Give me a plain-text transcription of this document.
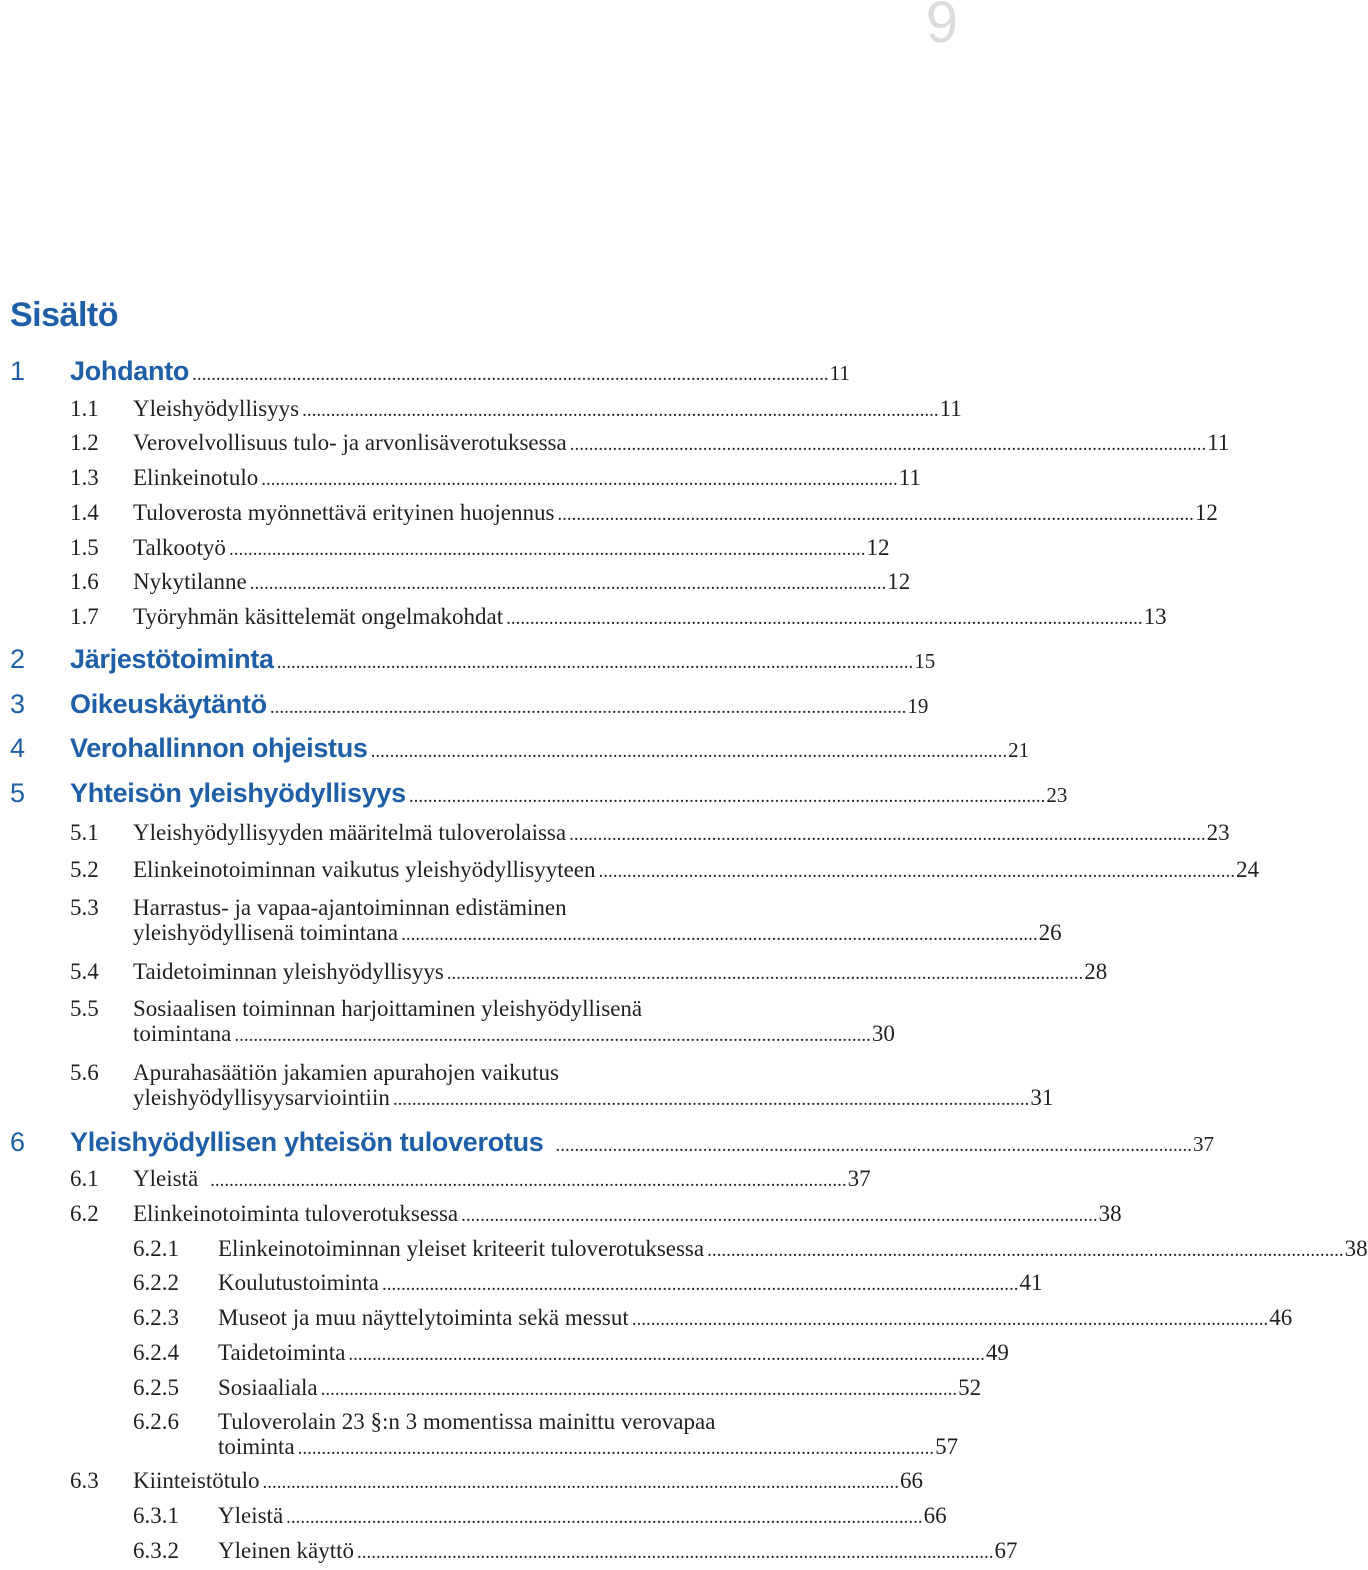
9
Sisältö
1 Johdanto ...................................................................................................................................... 11
1.1 Yleishyödyllisyys ...................................................................................................................................... 11
1.2 Verovelvollisuus tulo- ja arvonlisäverotuksessa ...................................................................................................................................... 11
1.3 Elinkeinotulo ...................................................................................................................................... 11
1.4 Tuloverosta myönnettävä erityinen huojennus ...................................................................................................................................... 12
1.5 Talkootyö ...................................................................................................................................... 12
1.6 Nykytilanne ...................................................................................................................................... 12
1.7 Työryhmän käsittelemät ongelmakohdat ...................................................................................................................................... 13
2 Järjestötoiminta ...................................................................................................................................... 15
3 Oikeuskäytäntö ...................................................................................................................................... 19
4 Verohallinnon ohjeistus ...................................................................................................................................... 21
5 Yhteisön yleishyödyllisyys ...................................................................................................................................... 23
5.1 Yleishyödyllisyyden määritelmä tuloverolaissa ...................................................................................................................................... 23
5.2 Elinkeinotoiminnan vaikutus yleishyödyllisyyteen ...................................................................................................................................... 24
5.3 Harrastus- ja vapaa-ajantoiminnan edistäminen
yleishyödyllisenä toimintana ...................................................................................................................................... 26
5.4 Taidetoiminnan yleishyödyllisyys ...................................................................................................................................... 28
5.5 Sosiaalisen toiminnan harjoittaminen yleishyödyllisenä
toimintana ...................................................................................................................................... 30
5.6 Apurahasäätiön jakamien apurahojen vaikutus
yleishyödyllisyysarviointiin ...................................................................................................................................... 31
6 Yleishyödyllisen yhteisön tuloverotus ...................................................................................................................................... 37
6.1 Yleistä ...................................................................................................................................... 37
6.2 Elinkeinotoiminta tuloverotuksessa ...................................................................................................................................... 38
6.2.1 Elinkeinotoiminnan yleiset kriteerit tuloverotuksessa ...................................................................................................................................... 38
6.2.2 Koulutustoiminta ...................................................................................................................................... 41
6.2.3 Museot ja muu näyttelytoiminta sekä messut ...................................................................................................................................... 46
6.2.4 Taidetoiminta ...................................................................................................................................... 49
6.2.5 Sosiaaliala ...................................................................................................................................... 52
6.2.6 Tuloverolain 23 §:n 3 momentissa mainittu verovapaa
toiminta ...................................................................................................................................... 57
6.3 Kiinteistötulo ...................................................................................................................................... 66
6.3.1 Yleistä ...................................................................................................................................... 66
6.3.2 Yleinen käyttö ...................................................................................................................................... 67
